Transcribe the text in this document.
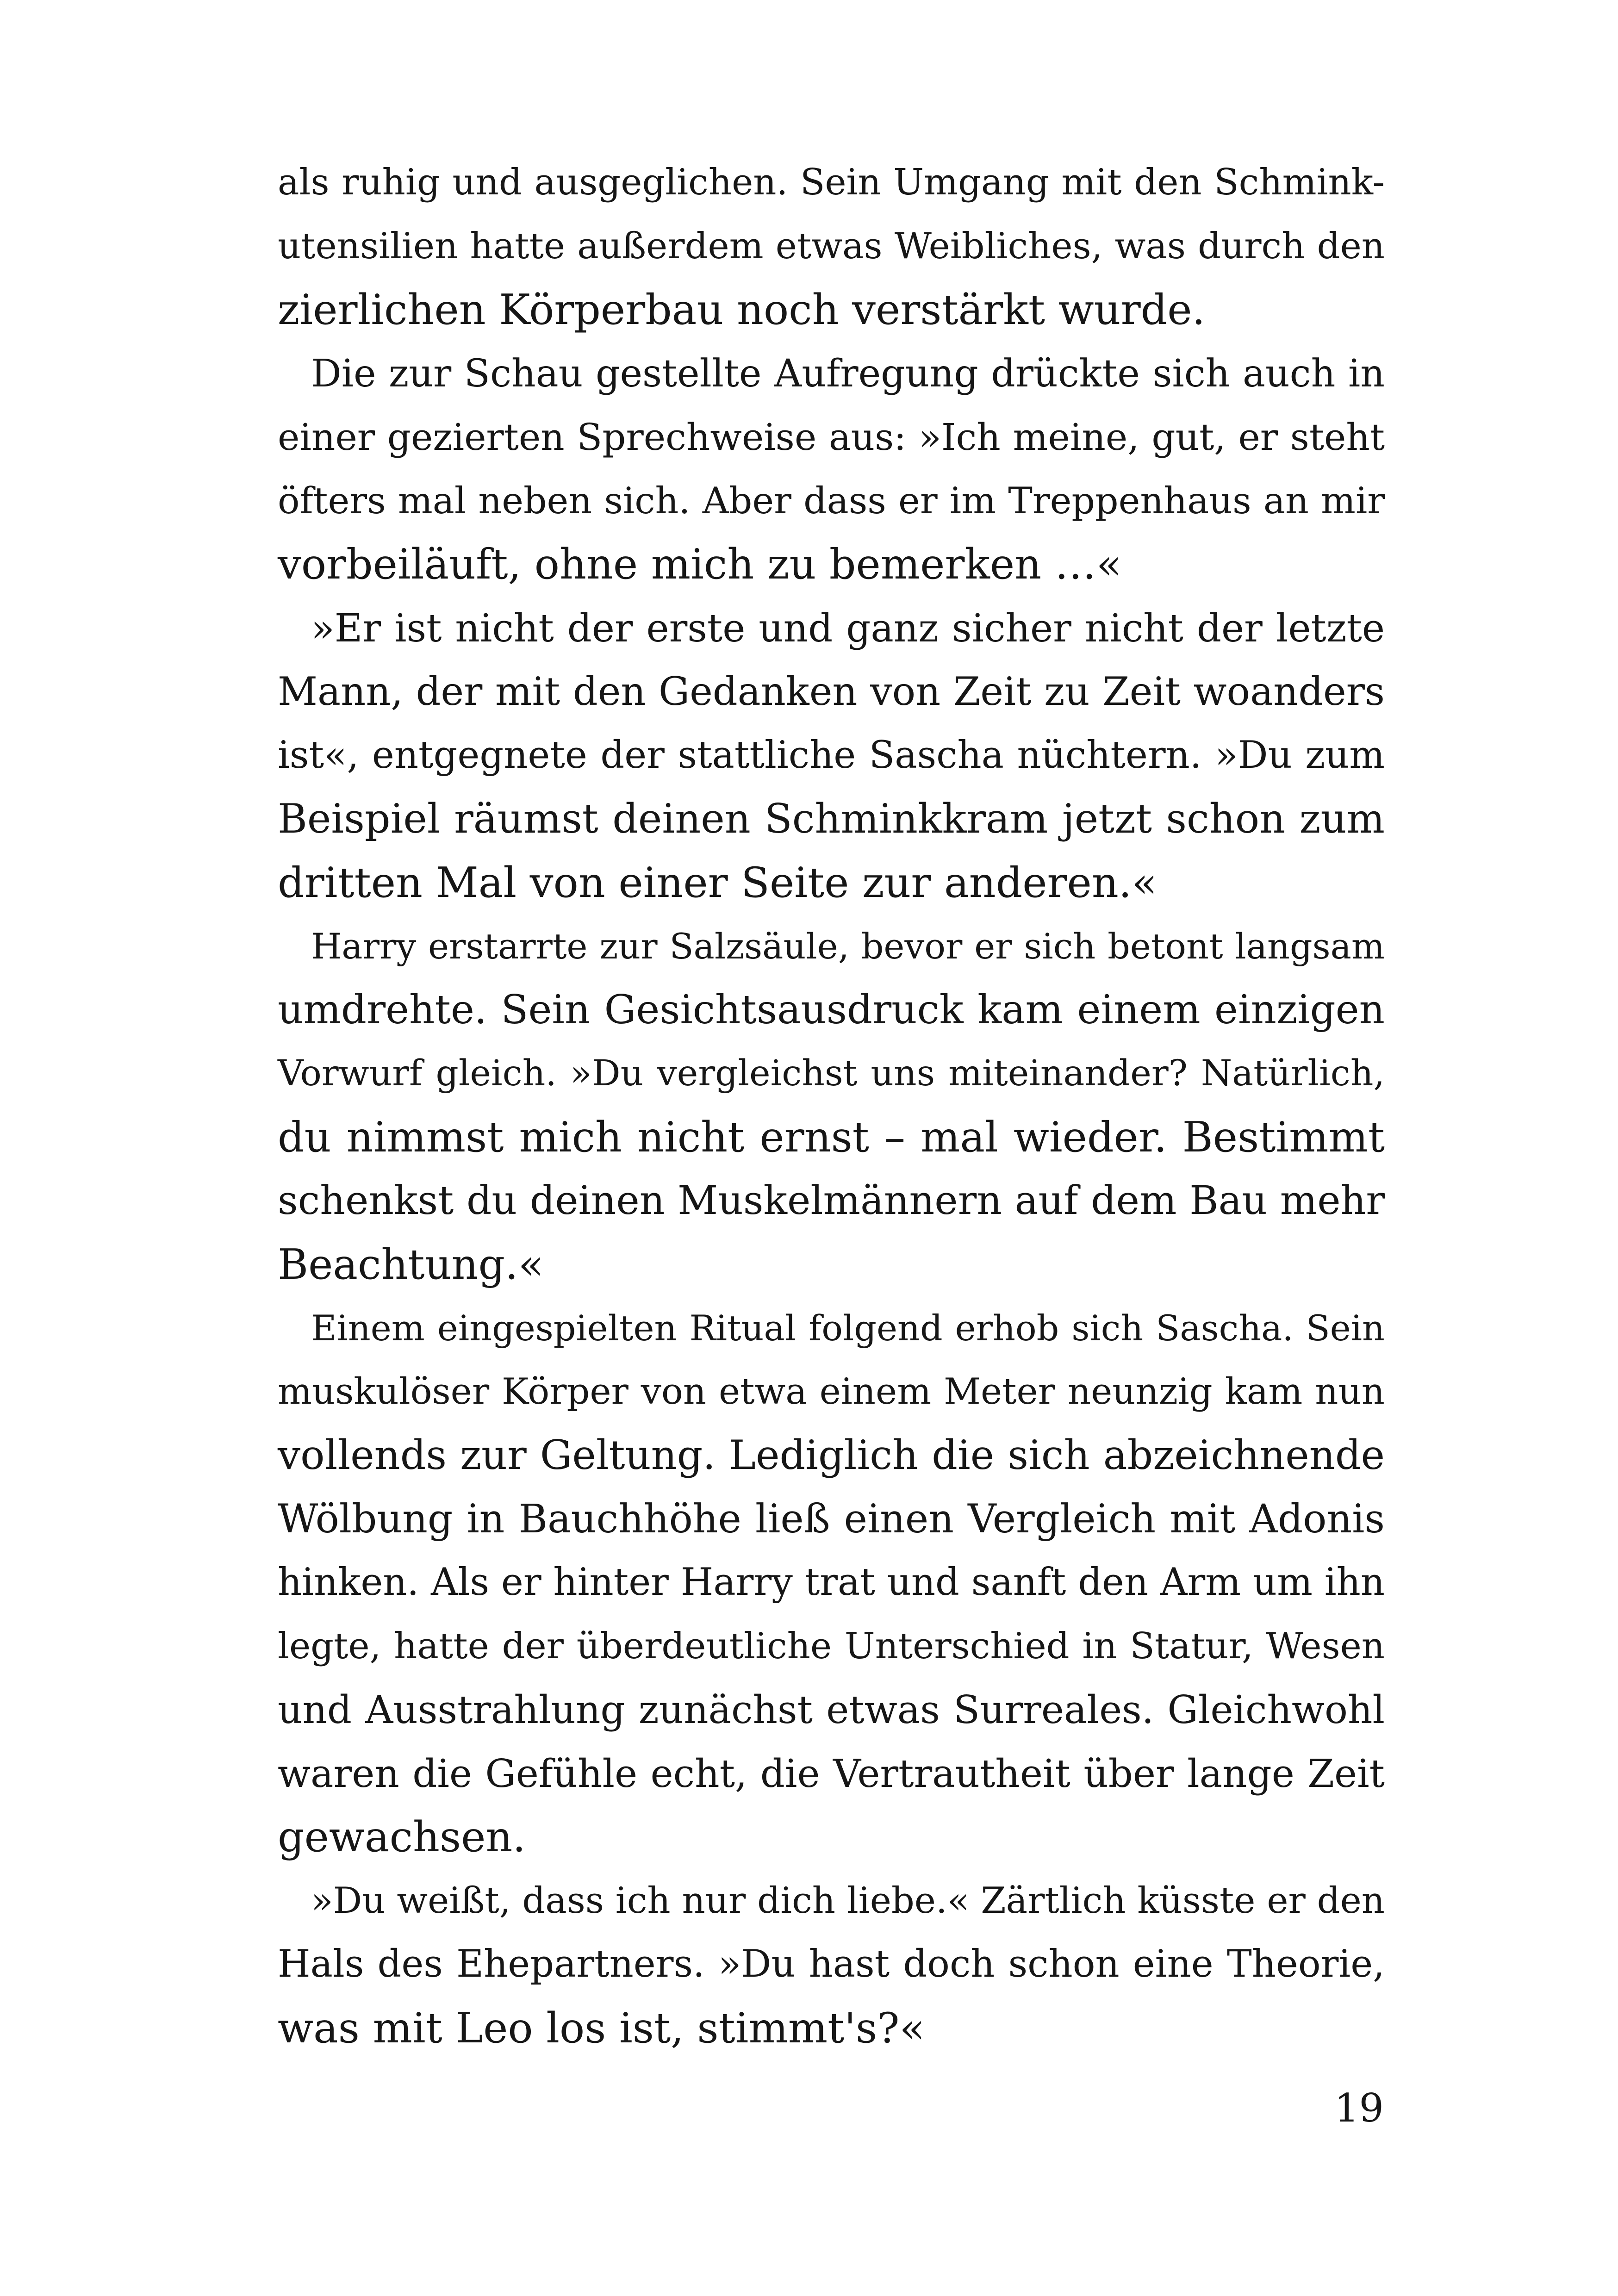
als ruhig und ausgeglichen. Sein Umgang mit den Schmink-
utensilien hatte außerdem etwas Weibliches, was durch den
zierlichen Körperbau noch verstärkt wurde.
Die zur Schau gestellte Aufregung drückte sich auch in
einer gezierten Sprechweise aus: »Ich meine, gut, er steht
öfters mal neben sich. Aber dass er im Treppenhaus an mir
vorbeiläuft, ohne mich zu bemerken …«
»Er ist nicht der erste und ganz sicher nicht der letzte
Mann, der mit den Gedanken von Zeit zu Zeit woanders
ist«, entgegnete der stattliche Sascha nüchtern. »Du zum
Beispiel räumst deinen Schminkkram jetzt schon zum
dritten Mal von einer Seite zur anderen.«
Harry erstarrte zur Salzsäule, bevor er sich betont langsam
umdrehte. Sein Gesichtsausdruck kam einem einzigen
Vorwurf gleich. »Du vergleichst uns miteinander? Natürlich,
du nimmst mich nicht ernst – mal wieder. Bestimmt
schenkst du deinen Muskelmännern auf dem Bau mehr
Beachtung.«
Einem eingespielten Ritual folgend erhob sich Sascha. Sein
muskulöser Körper von etwa einem Meter neunzig kam nun
vollends zur Geltung. Lediglich die sich abzeichnende
Wölbung in Bauchhöhe ließ einen Vergleich mit Adonis
hinken. Als er hinter Harry trat und sanft den Arm um ihn
legte, hatte der überdeutliche Unterschied in Statur, Wesen
und Ausstrahlung zunächst etwas Surreales. Gleichwohl
waren die Gefühle echt, die Vertrautheit über lange Zeit
gewachsen.
»Du weißt, dass ich nur dich liebe.« Zärtlich küsste er den
Hals des Ehepartners. »Du hast doch schon eine Theorie,
was mit Leo los ist, stimmt's?«
19
